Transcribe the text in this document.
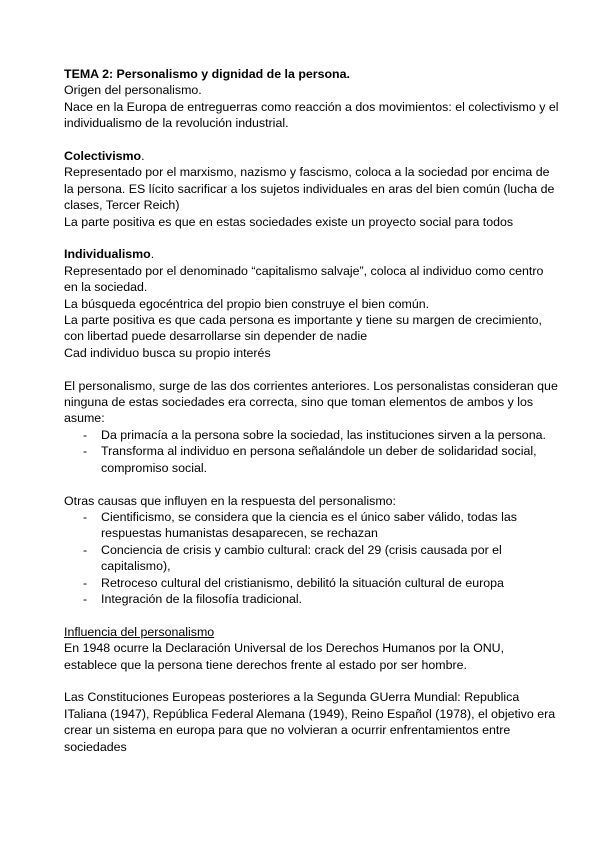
TEMA 2: Personalismo y dignidad de la persona.

Origen del personalismo.

Nace en la Europa de entreguerras como reacción a dos movimientos: el colectivismo y el individualismo de la revolución industrial.

Colectivismo.

Representado por el marxismo, nazismo y fascismo, coloca a la sociedad por encima de la persona. ES lícito sacrificar a los sujetos individuales en aras del bien común (lucha de clases, Tercer Reich)

La parte positiva es que en estas sociedades existe un proyecto social para todos

Individualismo.

Representado por el denominado “capitalismo salvaje”, coloca al individuo como centro en la sociedad.

La búsqueda egocéntrica del propio bien construye el bien común.

La parte positiva es que cada persona es importante y tiene su margen de crecimiento, con libertad puede desarrollarse sin depender de nadie

Cad individuo busca su propio interés

El personalismo, surge de las dos corrientes anteriores. Los personalistas consideran que ninguna de estas sociedades era correcta, sino que toman elementos de ambos y los asume:

- Da primacía a la persona sobre la sociedad, las instituciones sirven a la persona.
- Transforma al individuo en persona señalándole un deber de solidaridad social, compromiso social.

Otras causas que influyen en la respuesta del personalismo:

- Cientificismo, se considera que la ciencia es el único saber válido, todas las respuestas humanistas desaparecen, se rechazan
- Conciencia de crisis y cambio cultural: crack del 29 (crisis causada por el capitalismo),
- Retroceso cultural del cristianismo, debilitó la situación cultural de europa
- Integración de la filosofía tradicional.

Influencia del personalismo

En 1948 ocurre la Declaración Universal de los Derechos Humanos por la ONU, establece que la persona tiene derechos frente al estado por ser hombre.

Las Constituciones Europeas posteriores a la Segunda GUerra Mundial: Republica ITaliana (1947), República Federal Alemana (1949), Reino Español (1978), el objetivo era crear un sistema en europa para que no volvieran a ocurrir enfrentamientos entre sociedades
